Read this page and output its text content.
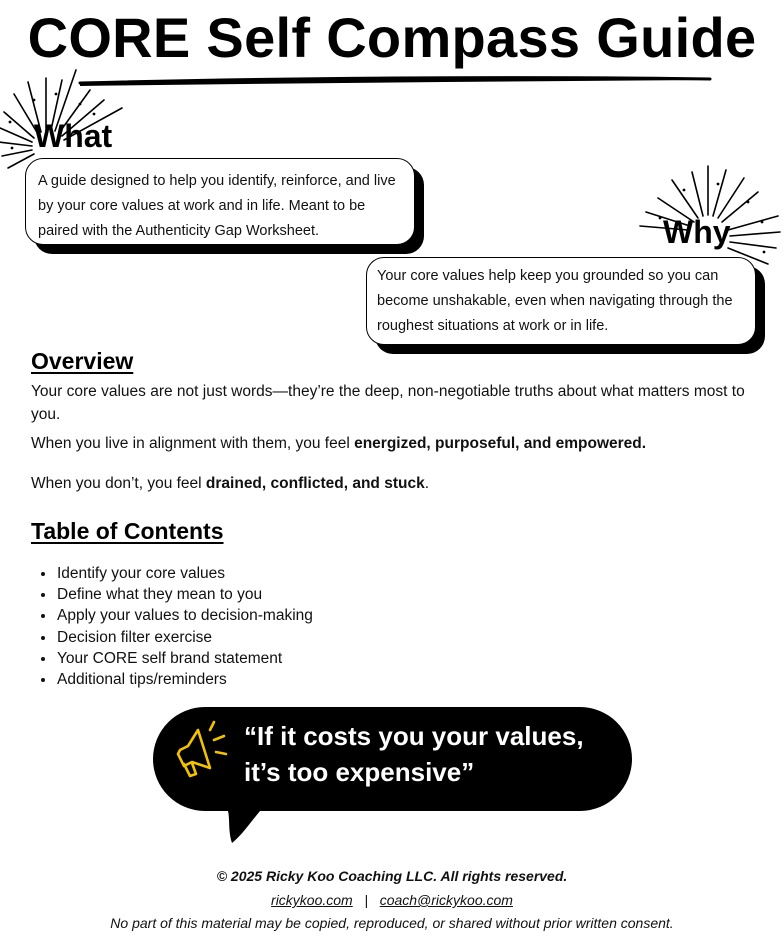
CORE Self Compass Guide
What
A guide designed to help you identify, reinforce, and live by your core values at work and in life. Meant to be paired with the Authenticity Gap Worksheet.	Why
Your core values help keep you grounded so you can become unshakable, even when navigating through the roughest situations at work or in life.
Overview
Your core values are not just words—they’re the deep, non-negotiable truths about what matters most to you.
When you live in alignment with them, you feel energized, purposeful, and empowered.
When you don’t, you feel drained, conflicted, and stuck.
Table of Contents
Identify your core values
Define what they mean to you
Apply your values to decision-making
Decision filter exercise
Your CORE self brand statement
Additional tips/reminders
“If it costs you your values,
it’s too expensive”
© 2025 Ricky Koo Coaching LLC. All rights reserved.
rickykoo.com | coach@rickykoo.com
No part of this material may be copied, reproduced, or shared without prior written consent.
